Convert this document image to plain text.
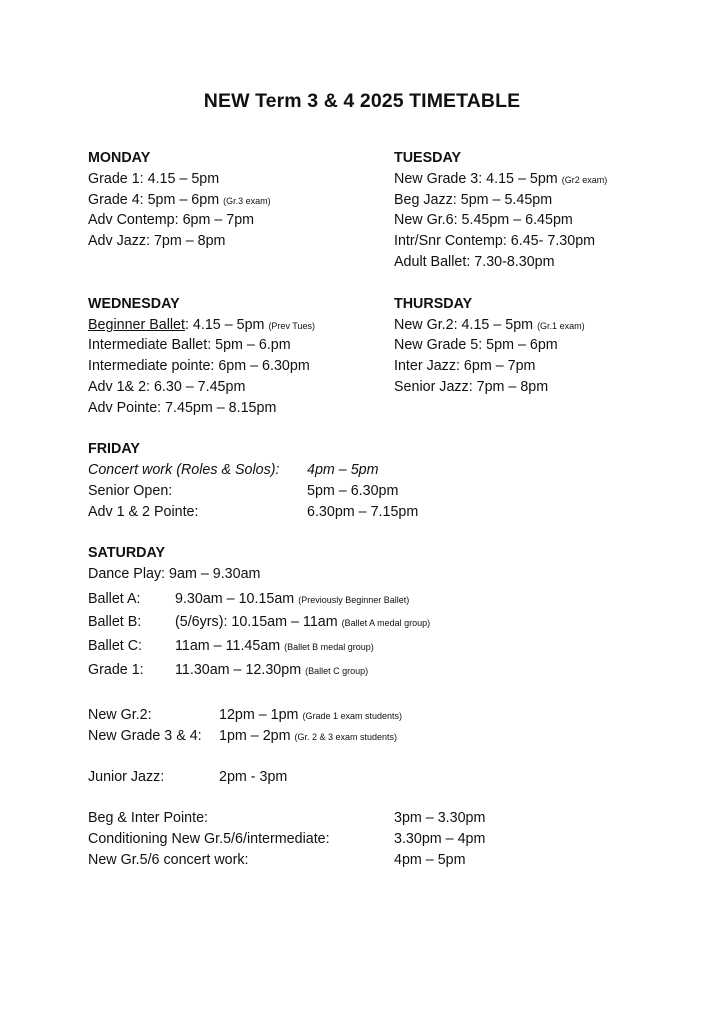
NEW Term 3 & 4 2025 TIMETABLE
MONDAY
Grade 1: 4.15 – 5pm
Grade 4: 5pm – 6pm (Gr.3 exam)
Adv Contemp: 6pm – 7pm
Adv Jazz: 7pm – 8pm
TUESDAY
New Grade 3: 4.15 – 5pm (Gr2 exam)
Beg Jazz: 5pm – 5.45pm
New Gr.6: 5.45pm – 6.45pm
Intr/Snr Contemp: 6.45- 7.30pm
Adult Ballet: 7.30-8.30pm
WEDNESDAY
Beginner Ballet: 4.15 – 5pm (Prev Tues)
Intermediate Ballet: 5pm – 6.pm
Intermediate pointe: 6pm – 6.30pm
Adv 1& 2: 6.30 – 7.45pm
Adv Pointe: 7.45pm – 8.15pm
THURSDAY
New Gr.2: 4.15 – 5pm (Gr.1 exam)
New Grade 5: 5pm – 6pm
Inter Jazz: 6pm – 7pm
Senior Jazz: 7pm – 8pm
FRIDAY
Concert work (Roles & Solos): 4pm – 5pm
Senior Open:	5pm – 6.30pm
Adv 1 & 2 Pointe:	6.30pm – 7.15pm
SATURDAY
Dance Play: 9am – 9.30am
Ballet A: 9.30am – 10.15am (Previously Beginner Ballet)
Ballet B: (5/6yrs): 10.15am – 11am (Ballet A medal group)
Ballet C: 11am – 11.45am (Ballet B medal group)
Grade 1: 11.30am – 12.30pm (Ballet C group)
New Gr.2:	12pm – 1pm (Grade 1 exam students)
New Grade 3 & 4: 1pm – 2pm (Gr. 2 & 3 exam students)
Junior Jazz:	2pm - 3pm
Beg & Inter Pointe:	3pm – 3.30pm
Conditioning New Gr.5/6/intermediate:	3.30pm – 4pm
New Gr.5/6 concert work:	4pm – 5pm
